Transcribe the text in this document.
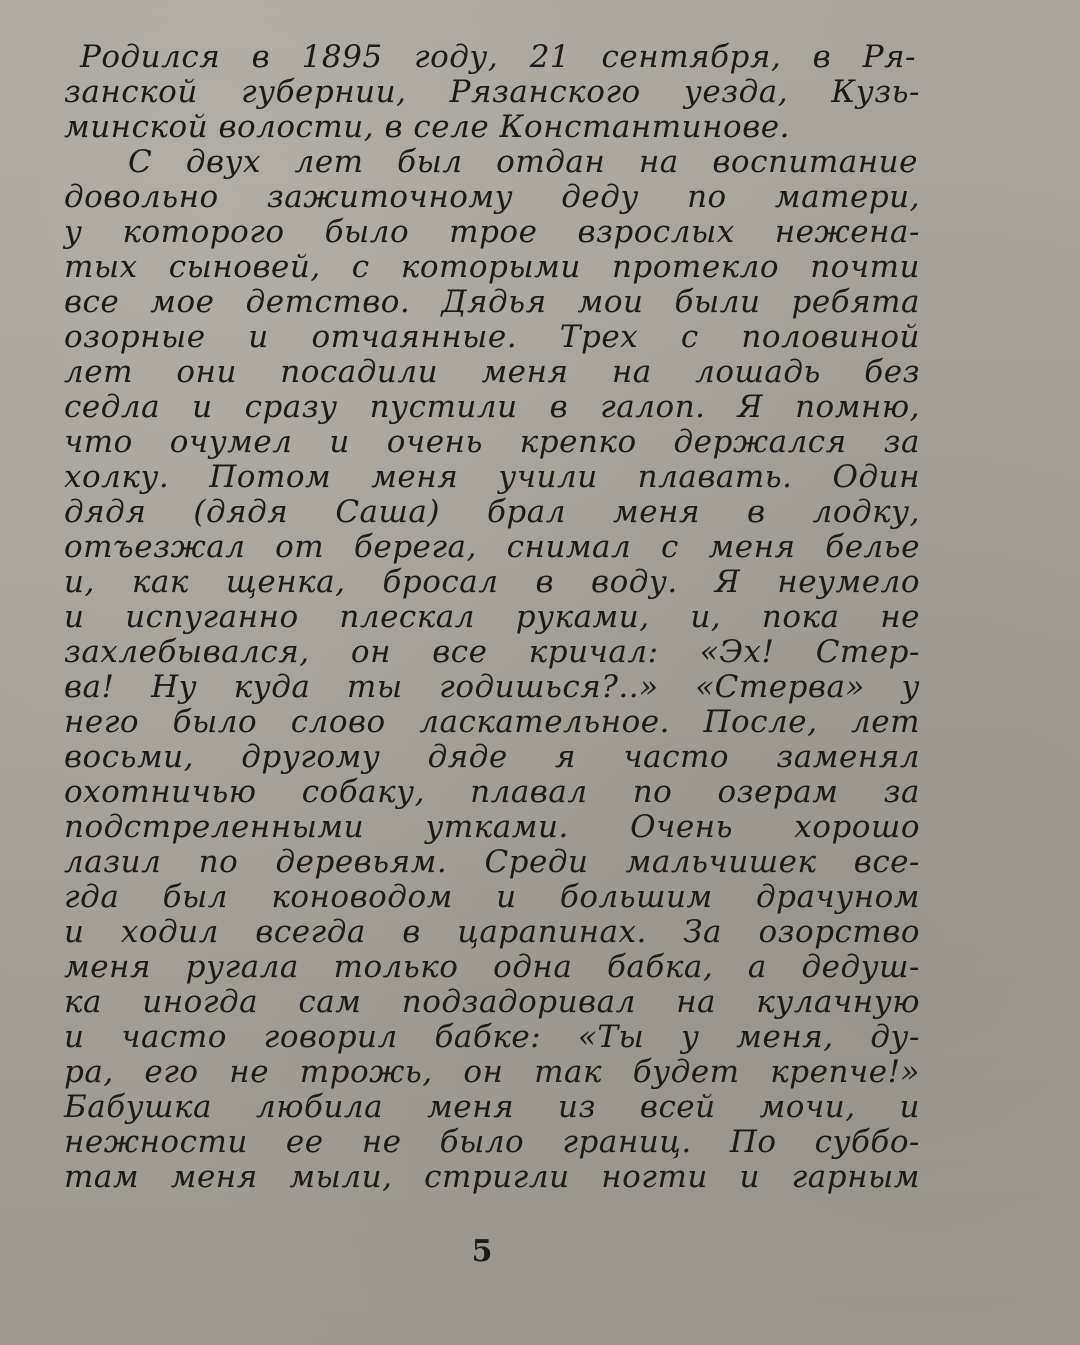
Родился в 1895 году, 21 сентября, в Ря-

занской губернии, Рязанского уезда, Кузь-

минской волости, в селе Константинове.

С двух лет был отдан на воспитание

довольно зажиточному деду по матери,

у которого было трое взрослых нежена-

тых сыновей, с которыми протекло почти

все мое детство. Дядья мои были ребята

озорные и отчаянные. Трех с половиной

лет они посадили меня на лошадь без

седла и сразу пустили в галоп. Я помню,

что очумел и очень крепко держался за

холку. Потом меня учили плавать. Один

дядя (дядя Саша) брал меня в лодку,

отъезжал от берега, снимал с меня белье

и, как щенка, бросал в воду. Я неумело

и испуганно плескал руками, и, пока не

захлебывался, он все кричал: «Эх! Стер-

ва! Ну куда ты годишься?..» «Стерва» у

него было слово ласкательное. После, лет

восьми, другому дяде я часто заменял

охотничью собаку, плавал по озерам за

подстреленными утками. Очень хорошо

лазил по деревьям. Среди мальчишек все-

гда был коноводом и большим драчуном

и ходил всегда в царапинах. За озорство

меня ругала только одна бабка, а дедуш-

ка иногда сам подзадоривал на кулачную

и часто говорил бабке: «Ты у меня, ду-

ра, его не трожь, он так будет крепче!»

Бабушка любила меня из всей мочи, и

нежности ее не было границ. По суббо-

там меня мыли, стригли ногти и гарным

5
